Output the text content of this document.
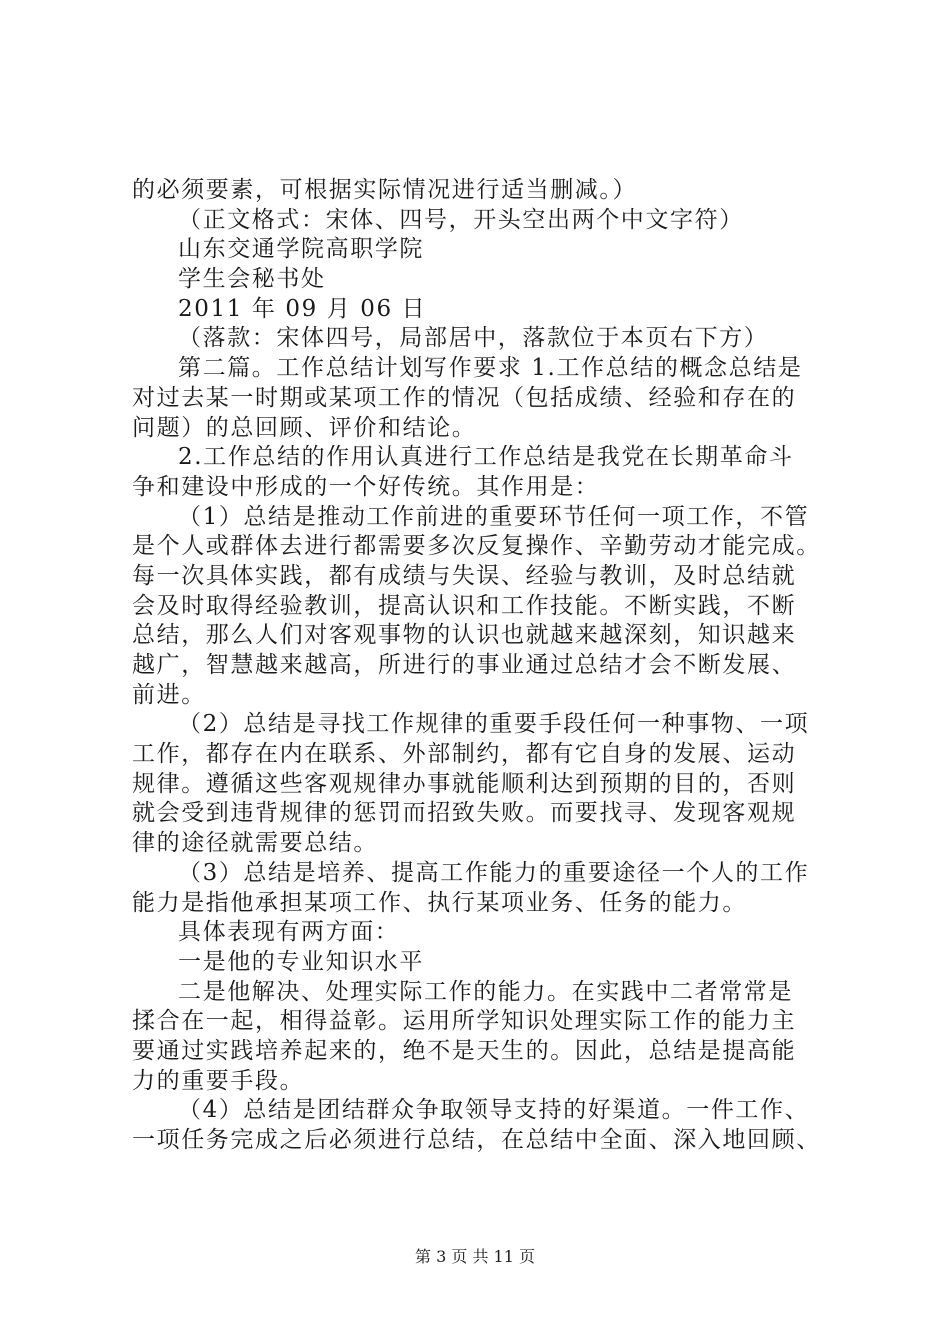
的必须要素，可根据实际情况进行适当删减。）
（正文格式：宋体、四号，开头空出两个中文字符）
山东交通学院高职学院
学生会秘书处
2011 年 09 月 06 日
（落款：宋体四号，局部居中，落款位于本页右下方）
第二篇。工作总结计划写作要求 1.工作总结的概念总结是
对过去某一时期或某项工作的情况（包括成绩、经验和存在的
问题）的总回顾、评价和结论。
2.工作总结的作用认真进行工作总结是我党在长期革命斗
争和建设中形成的一个好传统。其作用是：
（1）总结是推动工作前进的重要环节任何一项工作，不管
是个人或群体去进行都需要多次反复操作、辛勤劳动才能完成。
每一次具体实践，都有成绩与失误、经验与教训，及时总结就
会及时取得经验教训，提高认识和工作技能。不断实践，不断
总结，那么人们对客观事物的认识也就越来越深刻，知识越来
越广，智慧越来越高，所进行的事业通过总结才会不断发展、
前进。
（2）总结是寻找工作规律的重要手段任何一种事物、一项
工作，都存在内在联系、外部制约，都有它自身的发展、运动
规律。遵循这些客观规律办事就能顺利达到预期的目的，否则
就会受到违背规律的惩罚而招致失败。而要找寻、发现客观规
律的途径就需要总结。
（3）总结是培养、提高工作能力的重要途径一个人的工作
能力是指他承担某项工作、执行某项业务、任务的能力。
具体表现有两方面：
一是他的专业知识水平
二是他解决、处理实际工作的能力。在实践中二者常常是
揉合在一起，相得益彰。运用所学知识处理实际工作的能力主
要通过实践培养起来的，绝不是天生的。因此，总结是提高能
力的重要手段。
（4）总结是团结群众争取领导支持的好渠道。一件工作、
一项任务完成之后必须进行总结，在总结中全面、深入地回顾、
第 3 页 共 11 页
